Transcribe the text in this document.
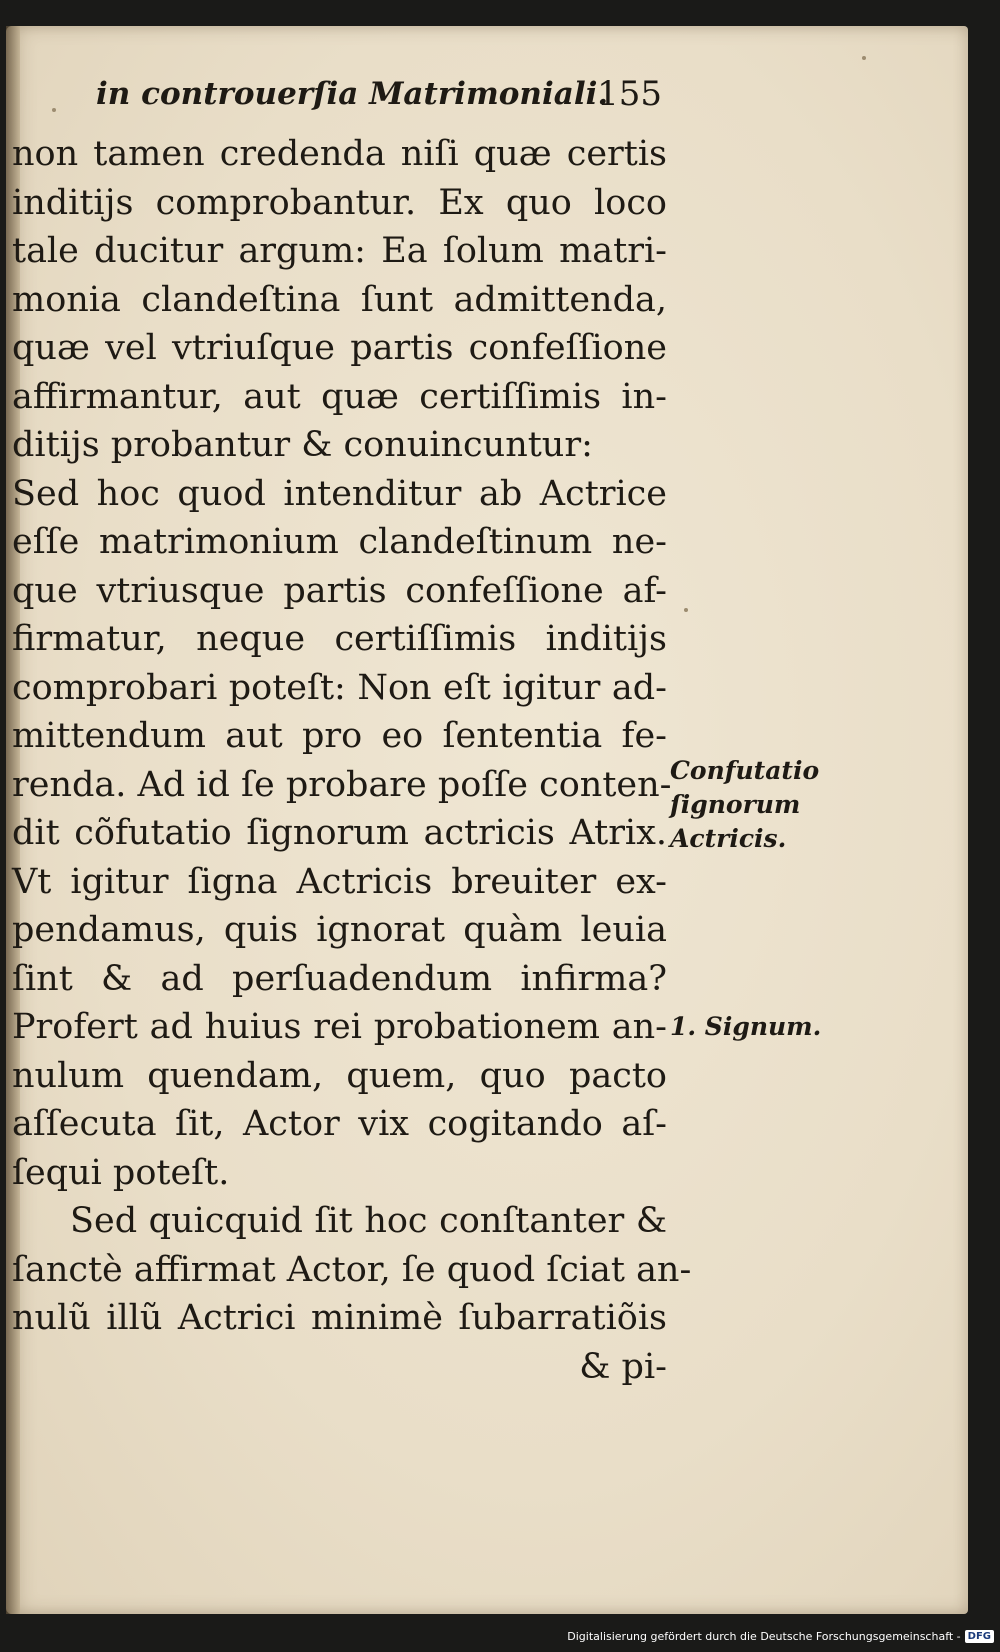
in controuerſia Matrimoniali.
155
non tamen credenda niſi quæ certis
inditijs comprobantur. Ex quo loco
tale ducitur argum: Ea ſolum matri-
monia clandeſtina ſunt admittenda,
quæ vel vtriuſque partis confeſſione
affirmantur, aut quæ certiſſimis in-
ditijs probantur & conuincuntur:
Sed hoc quod intenditur ab Actrice
eſſe matrimonium clandeſtinum ne-
que vtriusque partis confeſſione af-
firmatur, neque certiſſimis inditijs
comprobari poteſt: Non eſt igitur ad-
mittendum aut pro eo ſententia fe-
renda. Ad id ſe probare poſſe conten-
dit cõfutatio ſignorum actricis Atrix.
Vt igitur ſigna Actricis breuiter ex-
pendamus, quis ignorat quàm leuia
ſint & ad perſuadendum infirma?
Profert ad huius rei probationem an-
nulum quendam, quem, quo pacto
aſſecuta ſit, Actor vix cogitando aſ-
ſequi poteſt.
Sed quicquid ſit hoc conſtanter &
ſanctè affirmat Actor, ſe quod ſciat an-
nulũ illũ Actrici minimè ſubarratiõis
& pi-
Confutatio
ſignorum
Actricis.
1. Signum.
Digitalisierung gefördert durch die Deutsche Forschungsgemeinschaft - DFG
